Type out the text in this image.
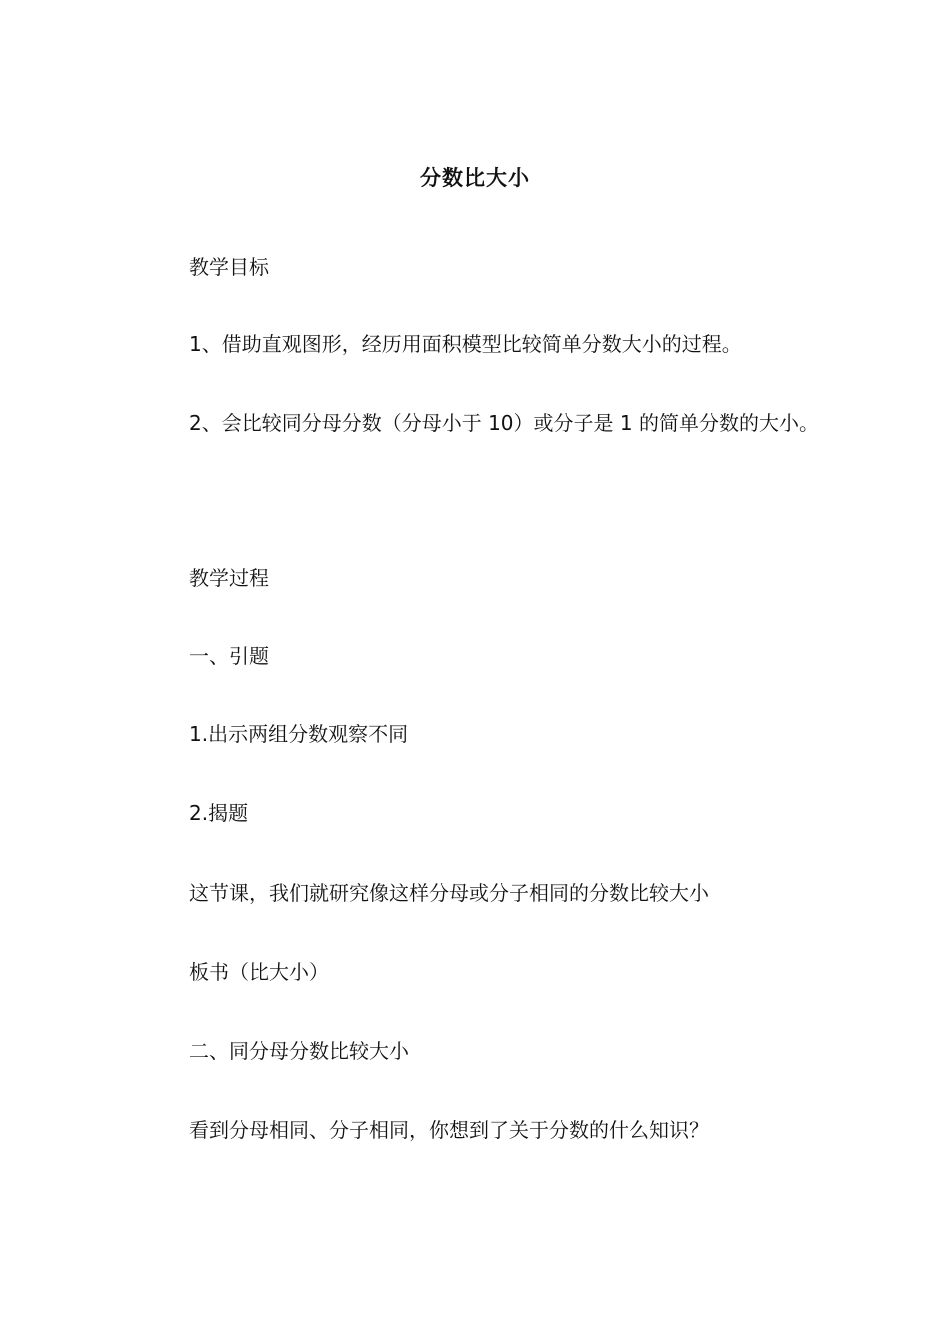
分数比大小
教学目标
1、借助直观图形，经历用面积模型比较简单分数大小的过程。
2、会比较同分母分数（分母小于 10）或分子是 1 的简单分数的大小。
教学过程
一、引题
1.出示两组分数观察不同
2.揭题
这节课，我们就研究像这样分母或分子相同的分数比较大小
板书（比大小）
二、同分母分数比较大小
看到分母相同、分子相同，你想到了关于分数的什么知识？
